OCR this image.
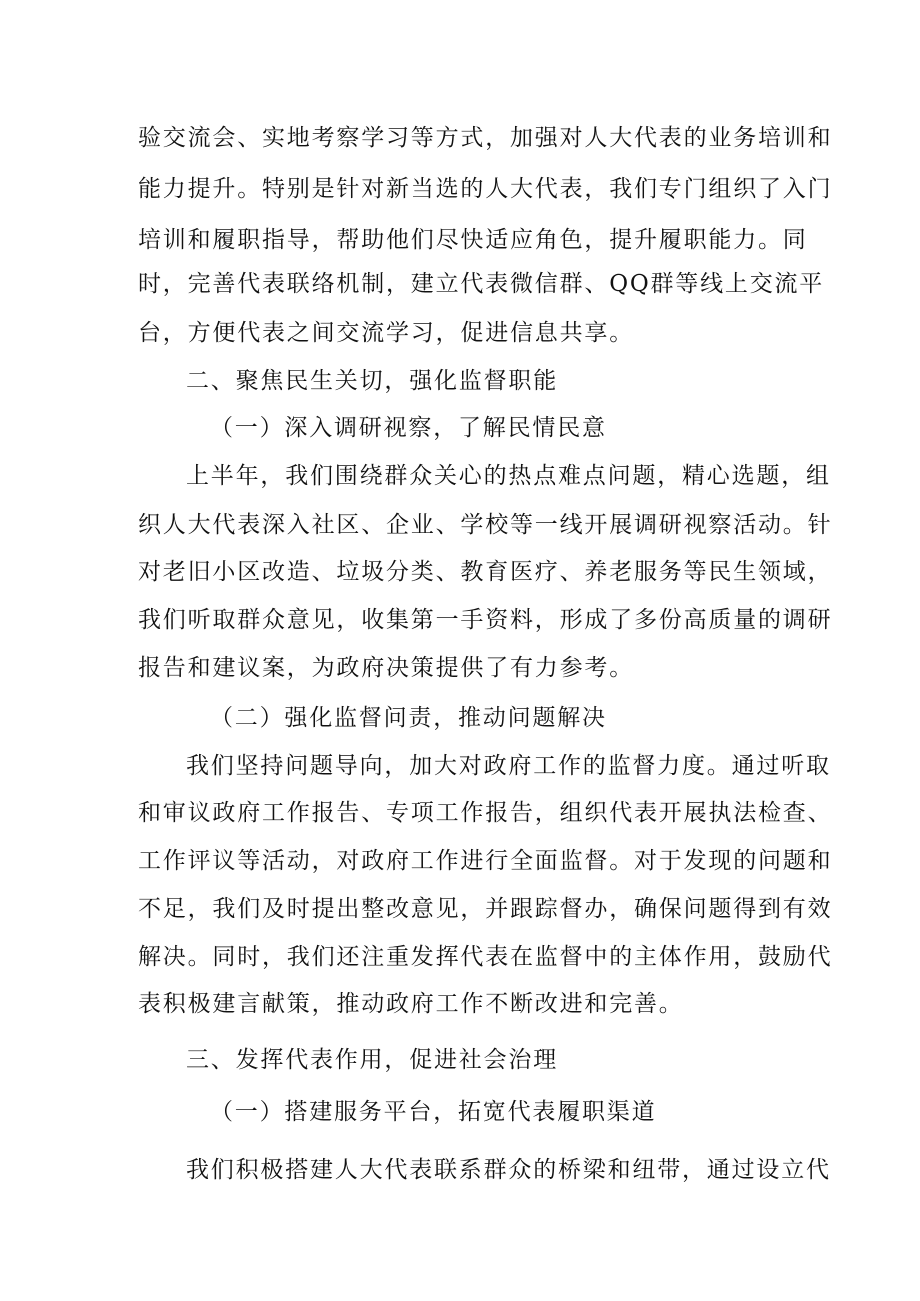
验交流会、实地考察学习等方式，加强对人大代表的业务培训和
能力提升。特别是针对新当选的人大代表，我们专门组织了入门
培训和履职指导，帮助他们尽快适应角色，提升履职能力。同
时，完善代表联络机制，建立代表微信群、QQ群等线上交流平
台，方便代表之间交流学习，促进信息共享。
二、聚焦民生关切，强化监督职能
（一）深入调研视察，了解民情民意
上半年，我们围绕群众关心的热点难点问题，精心选题，组
织人大代表深入社区、企业、学校等一线开展调研视察活动。针
对老旧小区改造、垃圾分类、教育医疗、养老服务等民生领域，
我们听取群众意见，收集第一手资料，形成了多份高质量的调研
报告和建议案，为政府决策提供了有力参考。
（二）强化监督问责，推动问题解决
我们坚持问题导向，加大对政府工作的监督力度。通过听取
和审议政府工作报告、专项工作报告，组织代表开展执法检查、
工作评议等活动，对政府工作进行全面监督。对于发现的问题和
不足，我们及时提出整改意见，并跟踪督办，确保问题得到有效
解决。同时，我们还注重发挥代表在监督中的主体作用，鼓励代
表积极建言献策，推动政府工作不断改进和完善。
三、发挥代表作用，促进社会治理
（一）搭建服务平台，拓宽代表履职渠道
我们积极搭建人大代表联系群众的桥梁和纽带，通过设立代
